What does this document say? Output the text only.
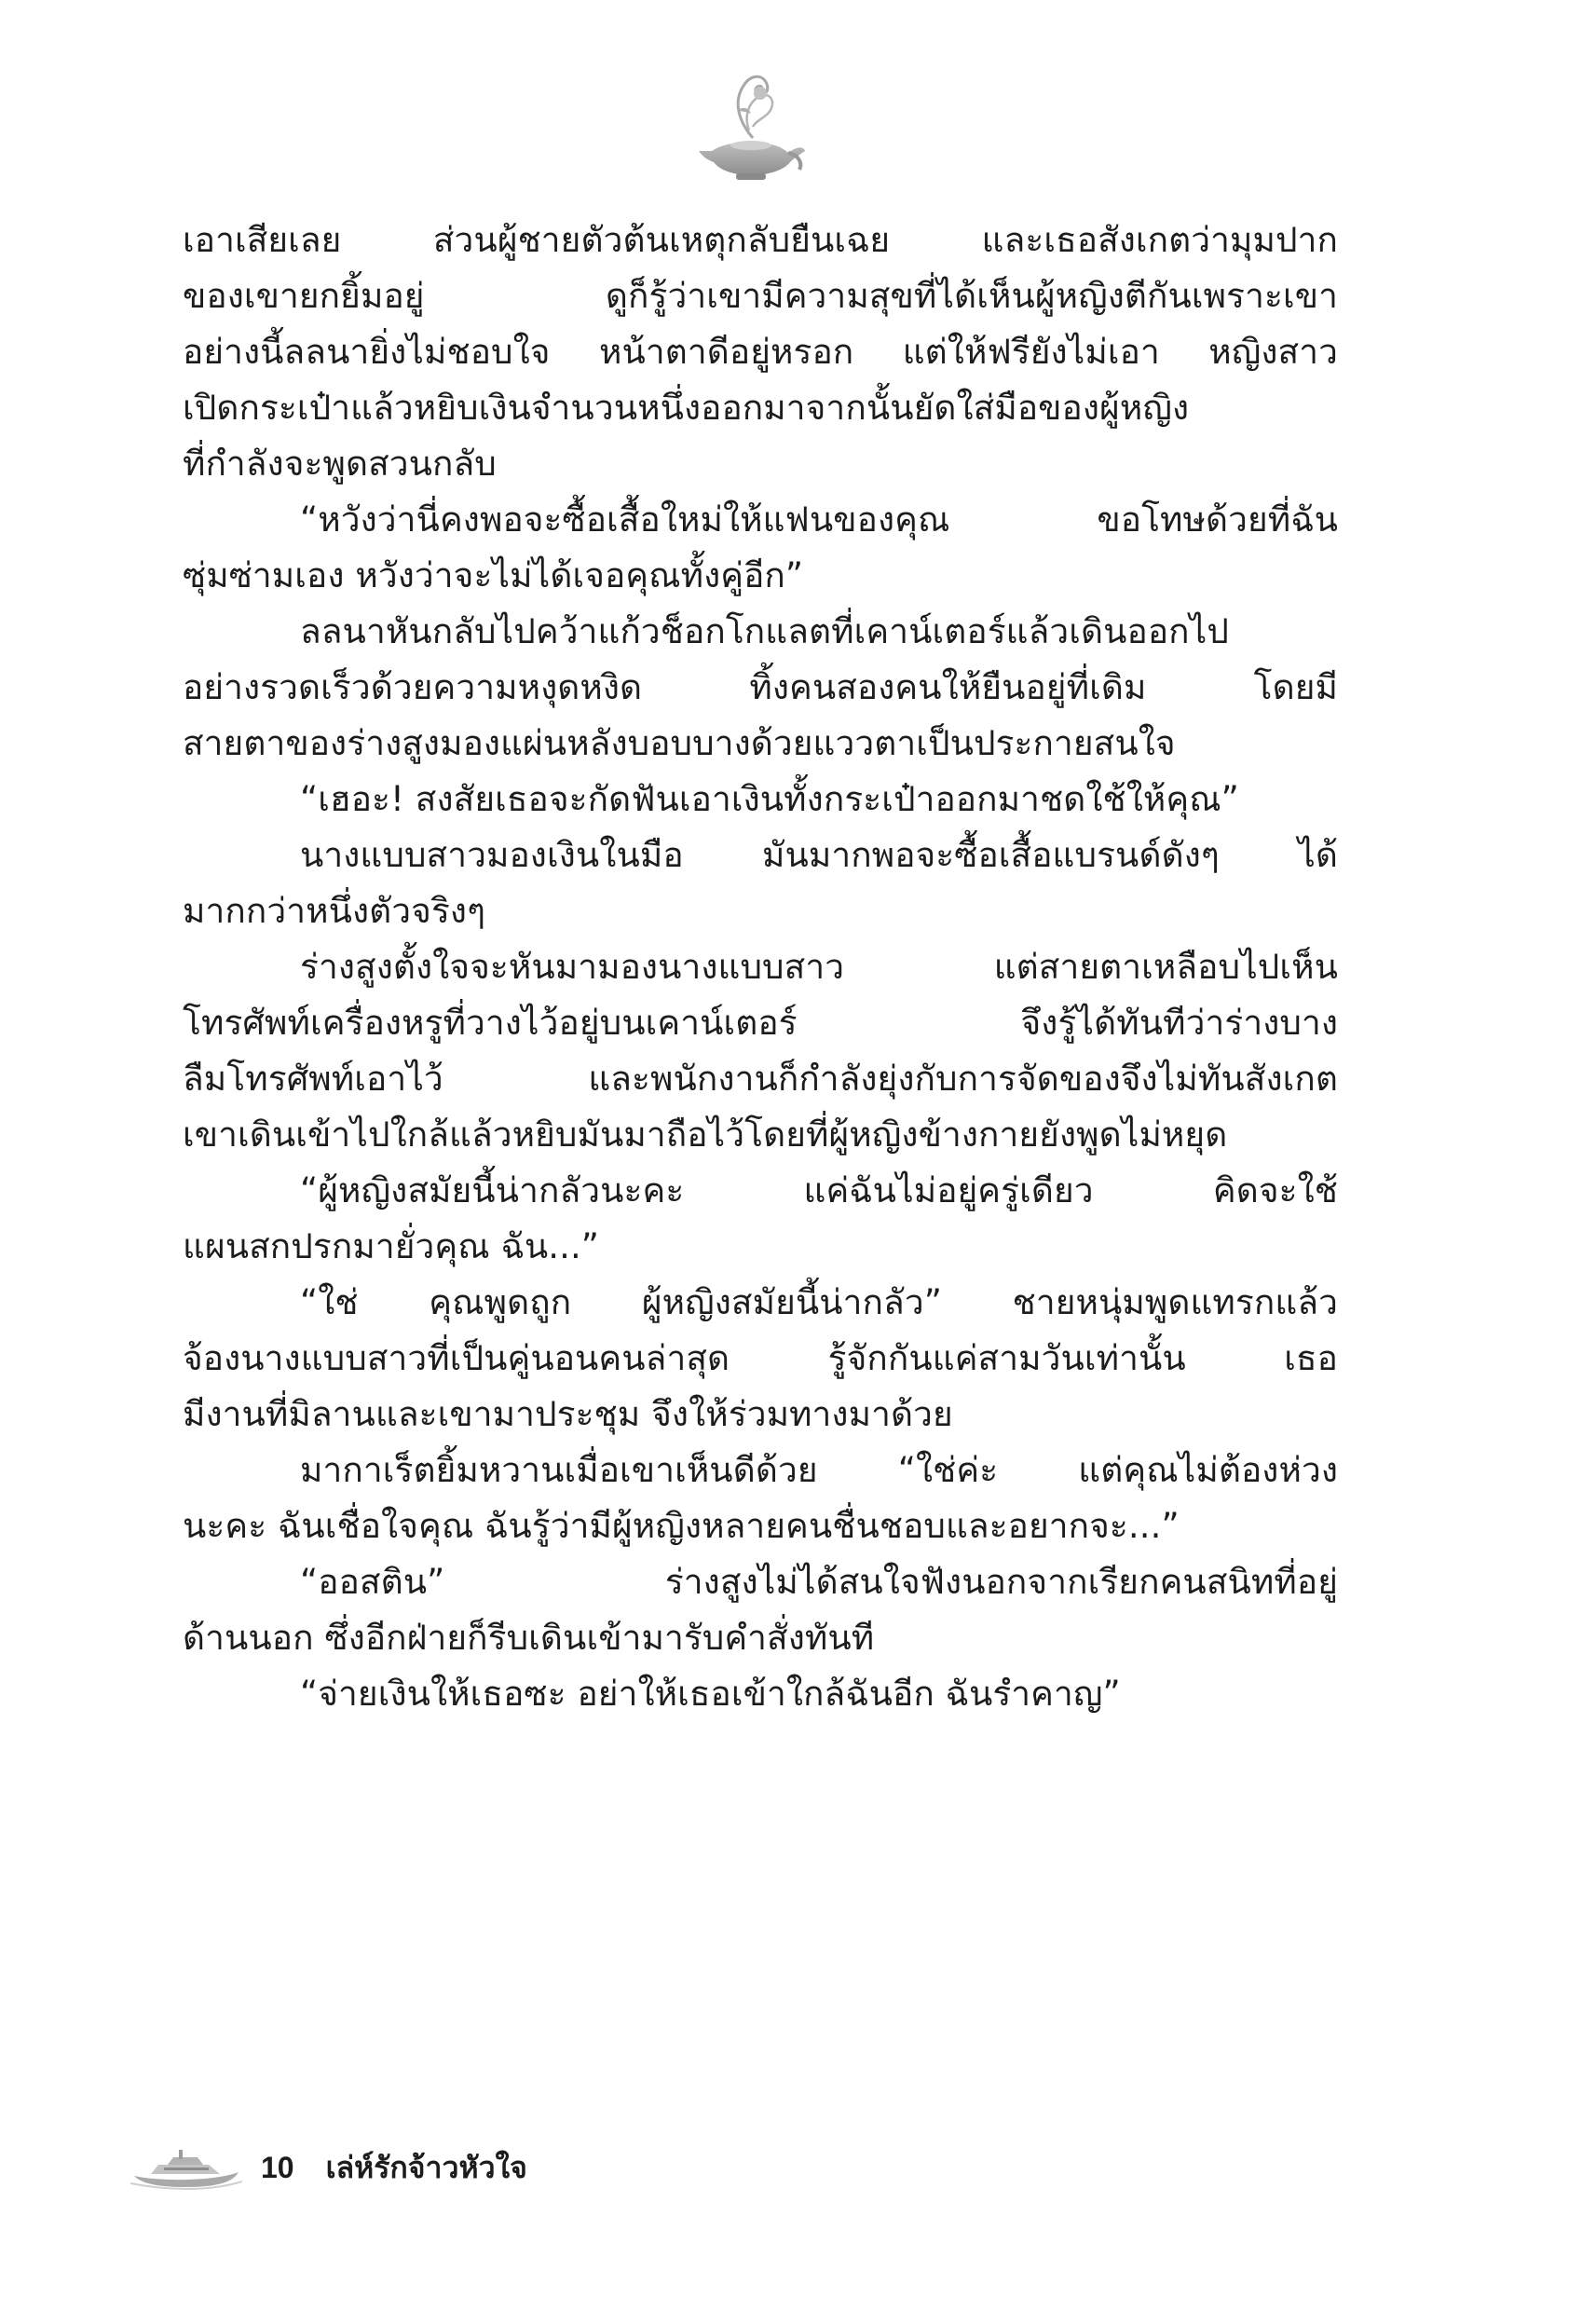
เอาเสียเลย ส่วนผู้ชายตัวต้นเหตุกลับยืนเฉย และเธอสังเกตว่ามุมปาก
ของเขายกยิ้มอยู่ ดูก็รู้ว่าเขามีความสุขที่ได้เห็นผู้หญิงตีกันเพราะเขา
อย่างนี้ลลนายิ่งไม่ชอบใจ หน้าตาดีอยู่หรอก แต่ให้ฟรียังไม่เอา หญิงสาว
เปิดกระเป๋าแล้วหยิบเงินจำนวนหนึ่งออกมาจากนั้นยัดใส่มือของผู้หญิง
ที่กำลังจะพูดสวนกลับ
“หวังว่านี่คงพอจะซื้อเสื้อใหม่ให้แฟนของคุณ ขอโทษด้วยที่ฉัน
ซุ่มซ่ามเอง หวังว่าจะไม่ได้เจอคุณทั้งคู่อีก”
ลลนาหันกลับไปคว้าแก้วช็อกโกแลตที่เคาน์เตอร์แล้วเดินออกไป
อย่างรวดเร็วด้วยความหงุดหงิด ทิ้งคนสองคนให้ยืนอยู่ที่เดิม โดยมี
สายตาของร่างสูงมองแผ่นหลังบอบบางด้วยแววตาเป็นประกายสนใจ
“เฮอะ! สงสัยเธอจะกัดฟันเอาเงินทั้งกระเป๋าออกมาชดใช้ให้คุณ”
นางแบบสาวมองเงินในมือ มันมากพอจะซื้อเสื้อแบรนด์ดังๆ ได้
มากกว่าหนึ่งตัวจริงๆ
ร่างสูงตั้งใจจะหันมามองนางแบบสาว แต่สายตาเหลือบไปเห็น
โทรศัพท์เครื่องหรูที่วางไว้อยู่บนเคาน์เตอร์ จึงรู้ได้ทันทีว่าร่างบาง
ลืมโทรศัพท์เอาไว้ และพนักงานก็กำลังยุ่งกับการจัดของจึงไม่ทันสังเกต
เขาเดินเข้าไปใกล้แล้วหยิบมันมาถือไว้โดยที่ผู้หญิงข้างกายยังพูดไม่หยุด
“ผู้หญิงสมัยนี้น่ากลัวนะคะ แค่ฉันไม่อยู่ครู่เดียว คิดจะใช้
แผนสกปรกมายั่วคุณ ฉัน...”
“ใช่ คุณพูดถูก ผู้หญิงสมัยนี้น่ากลัว” ชายหนุ่มพูดแทรกแล้ว
จ้องนางแบบสาวที่เป็นคู่นอนคนล่าสุด รู้จักกันแค่สามวันเท่านั้น เธอ
มีงานที่มิลานและเขามาประชุม จึงให้ร่วมทางมาด้วย
มากาเร็ตยิ้มหวานเมื่อเขาเห็นดีด้วย “ใช่ค่ะ แต่คุณไม่ต้องห่วง
นะคะ ฉันเชื่อใจคุณ ฉันรู้ว่ามีผู้หญิงหลายคนชื่นชอบและอยากจะ...”
“ออสติน” ร่างสูงไม่ได้สนใจฟังนอกจากเรียกคนสนิทที่อยู่
ด้านนอก ซึ่งอีกฝ่ายก็รีบเดินเข้ามารับคำสั่งทันที
“จ่ายเงินให้เธอซะ อย่าให้เธอเข้าใกล้ฉันอีก ฉันรำคาญ”
10 เล่ห์รักจ้าวหัวใจ
